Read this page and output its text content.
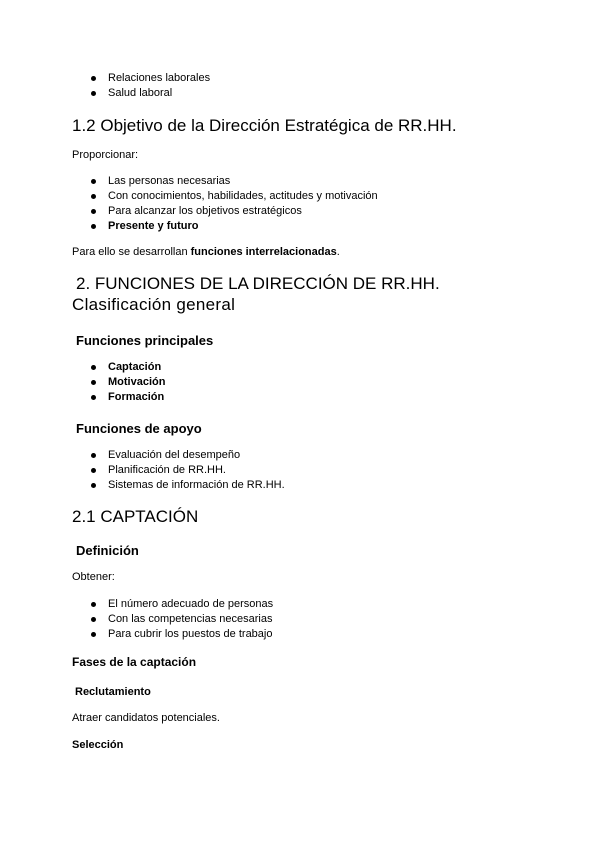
Relaciones laborales
Salud laboral
1.2 Objetivo de la Dirección Estratégica de RR.HH.

Proporcionar:

Las personas necesarias
Con conocimientos, habilidades, actitudes y motivación
Para alcanzar los objetivos estratégicos
Presente y futuro

Para ello se desarrollan funciones interrelacionadas.

2. FUNCIONES DE LA DIRECCIÓN DE RR.HH.
Clasificación general
Funciones principales
Captación
Motivación
Formación
Funciones de apoyo
Evaluación del desempeño
Planificación de RR.HH.
Sistemas de información de RR.HH.
2.1 CAPTACIÓN
Definición

Obtener:

El número adecuado de personas
Con las competencias necesarias
Para cubrir los puestos de trabajo
Fases de la captación
Reclutamiento

Atraer candidatos potenciales.

Selección
